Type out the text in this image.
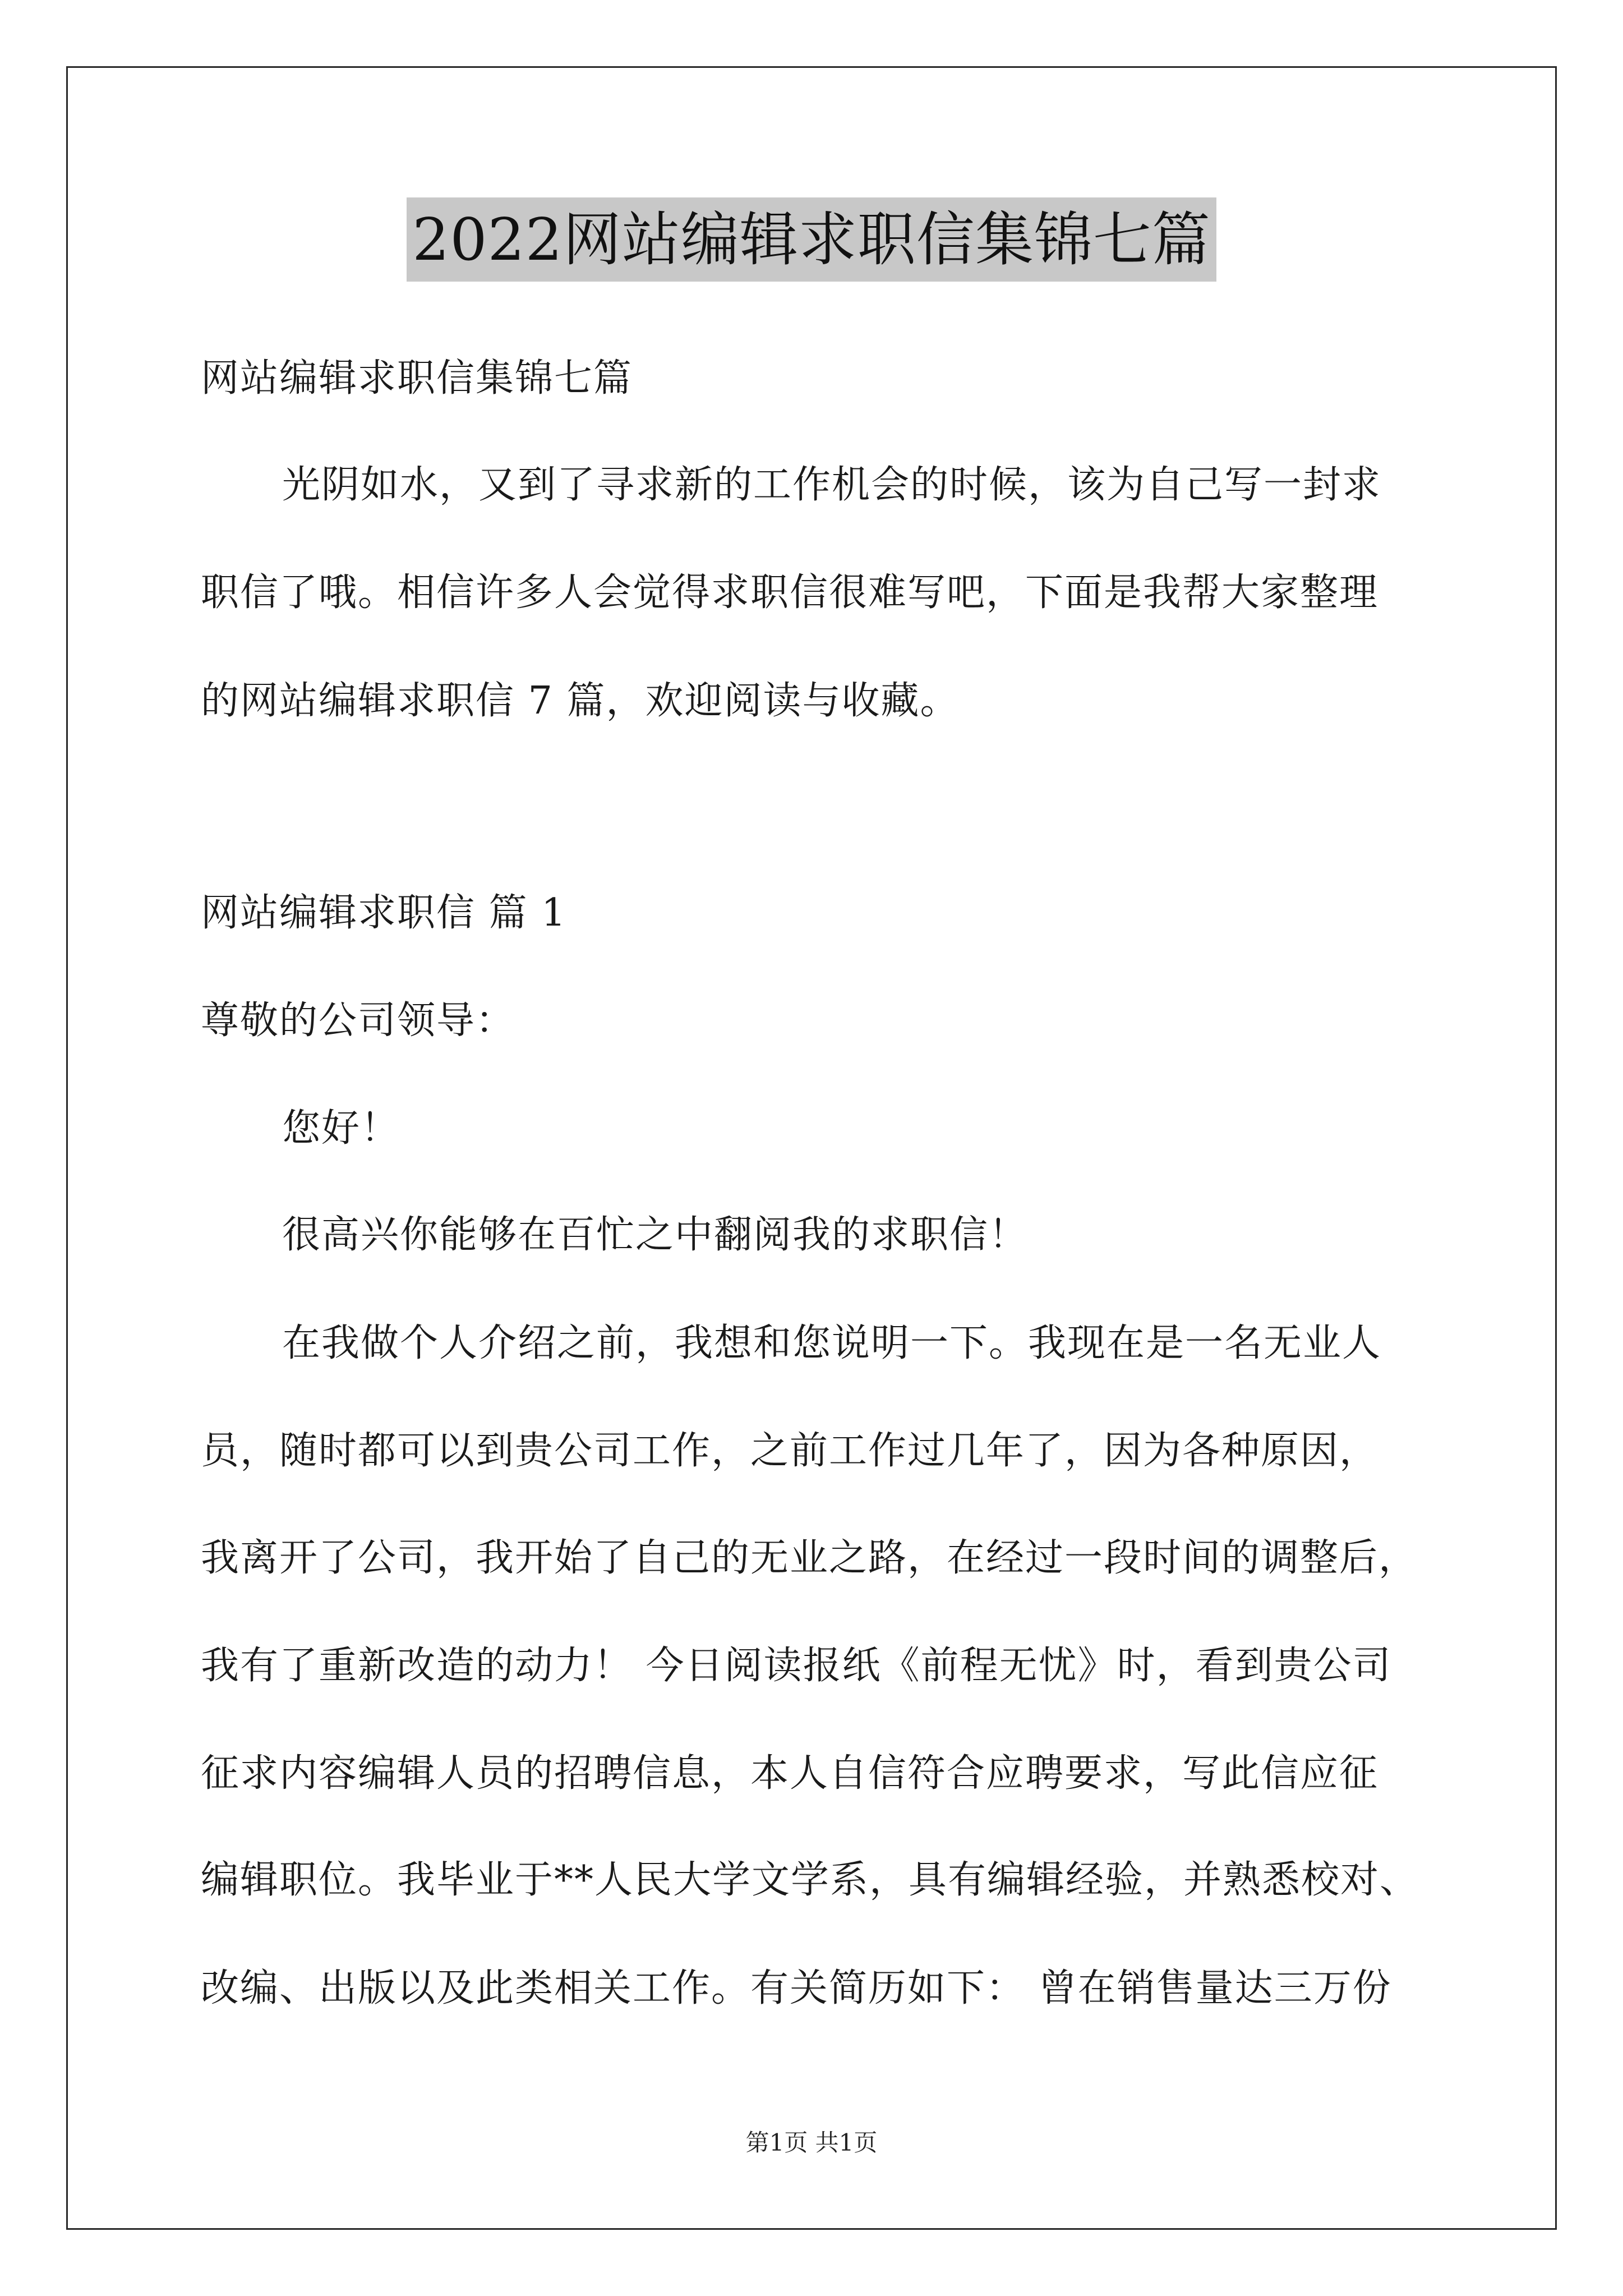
2022网站编辑求职信集锦七篇
网站编辑求职信集锦七篇
光阴如水，又到了寻求新的工作机会的时候，该为自己写一封求
职信了哦。相信许多人会觉得求职信很难写吧，下面是我帮大家整理
的网站编辑求职信 7 篇，欢迎阅读与收藏。
网站编辑求职信 篇 1
尊敬的公司领导：
您好！
很高兴你能够在百忙之中翻阅我的求职信！
在我做个人介绍之前，我想和您说明一下。我现在是一名无业人
员，随时都可以到贵公司工作，之前工作过几年了，因为各种原因，
我离开了公司，我开始了自己的无业之路，在经过一段时间的调整后，
我有了重新改造的动力！ 今日阅读报纸《前程无忧》时，看到贵公司
征求内容编辑人员的招聘信息，本人自信符合应聘要求，写此信应征
编辑职位。我毕业于**人民大学文学系，具有编辑经验，并熟悉校对、
改编、出版以及此类相关工作。有关简历如下： 曾在销售量达三万份
第1页 共1页
